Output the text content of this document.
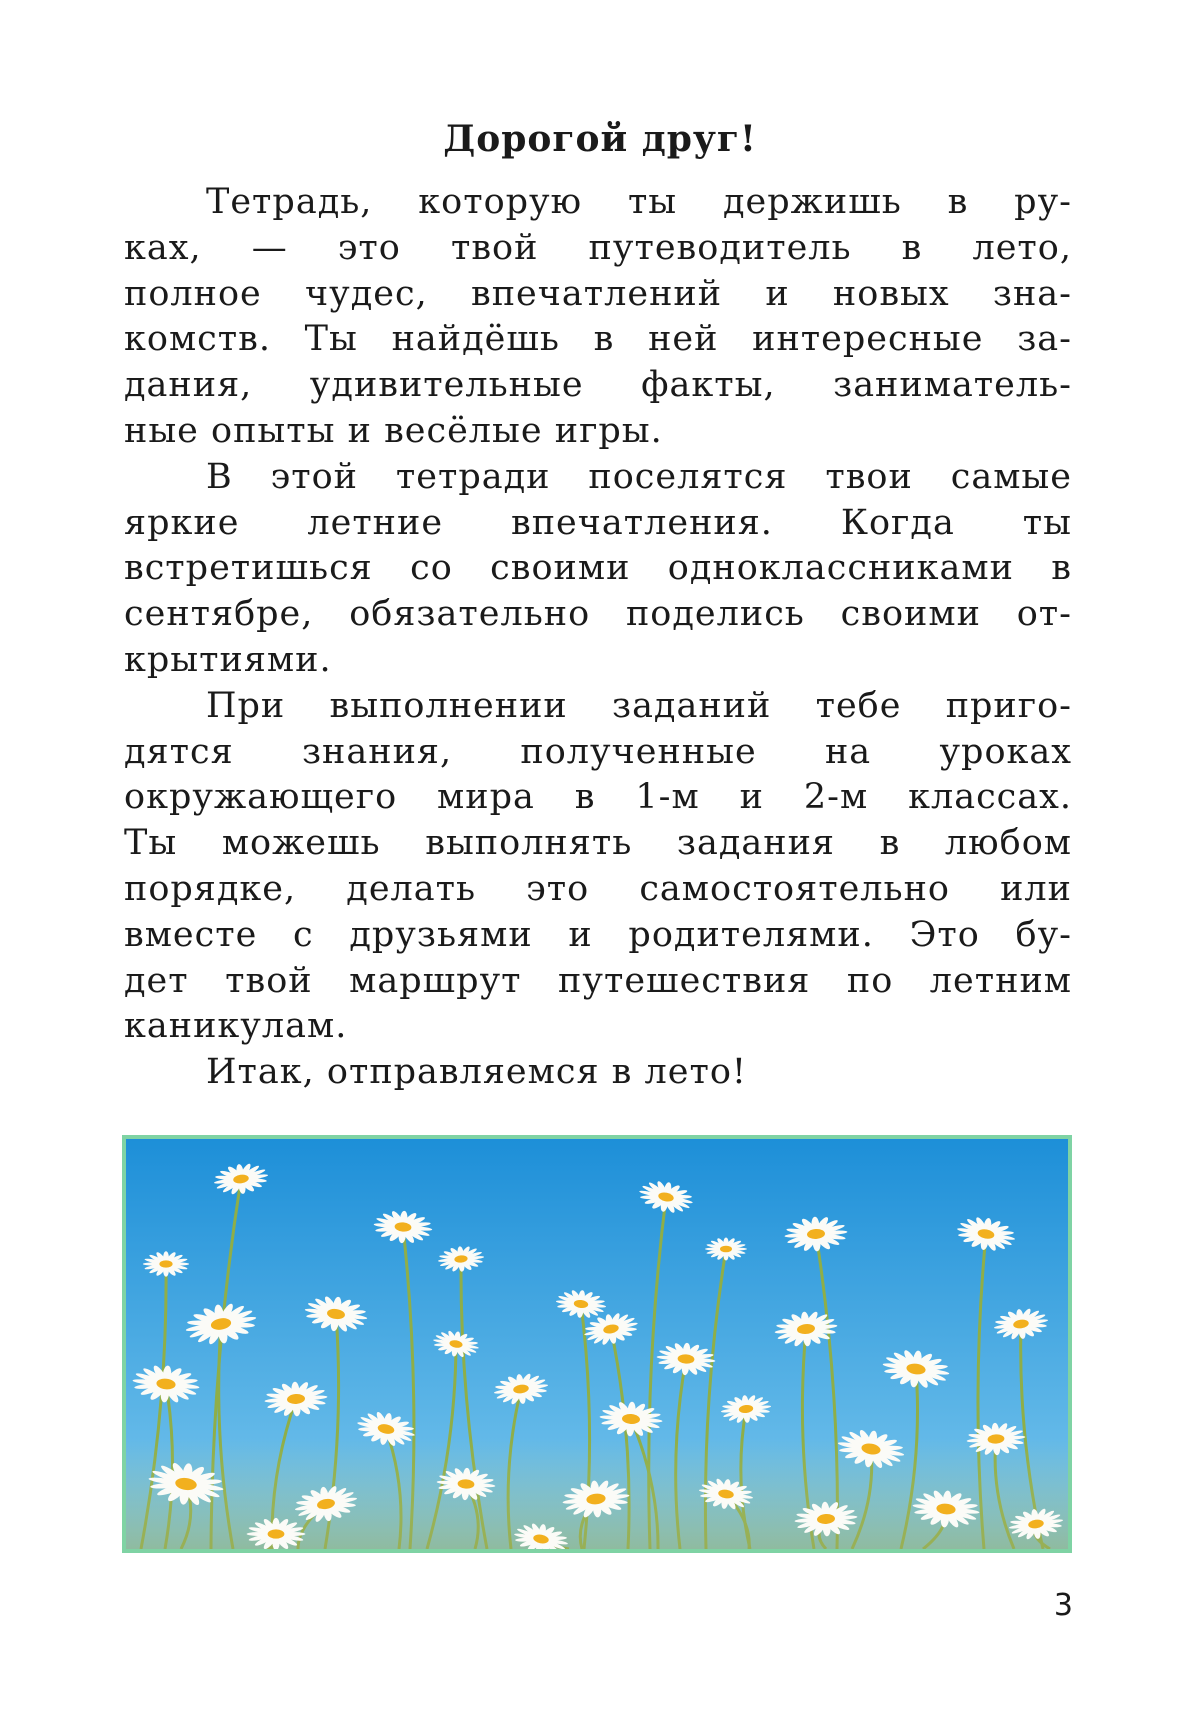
Дорогой друг!

Тетрадь, которую ты держишь в ру-
ках, — это твой путеводитель в лето,
полное чудес, впечатлений и новых зна-
комств. Ты найдёшь в ней интересные за-
дания, удивительные факты, заниматель-
ные опыты и весёлые игры.

В этой тетради поселятся твои самые
яркие летние впечатления. Когда ты
встретишься со своими одноклассниками в
сентябре, обязательно поделись своими от-
крытиями.

При выполнении заданий тебе приго-
дятся знания, полученные на уроках
окружающего мира в 1-м и 2-м классах.
Ты можешь выполнять задания в любом
порядке, делать это самостоятельно или
вместе с друзьями и родителями. Это бу-
дет твой маршрут путешествия по летним
каникулам.

Итак, отправляемся в лето!

3
